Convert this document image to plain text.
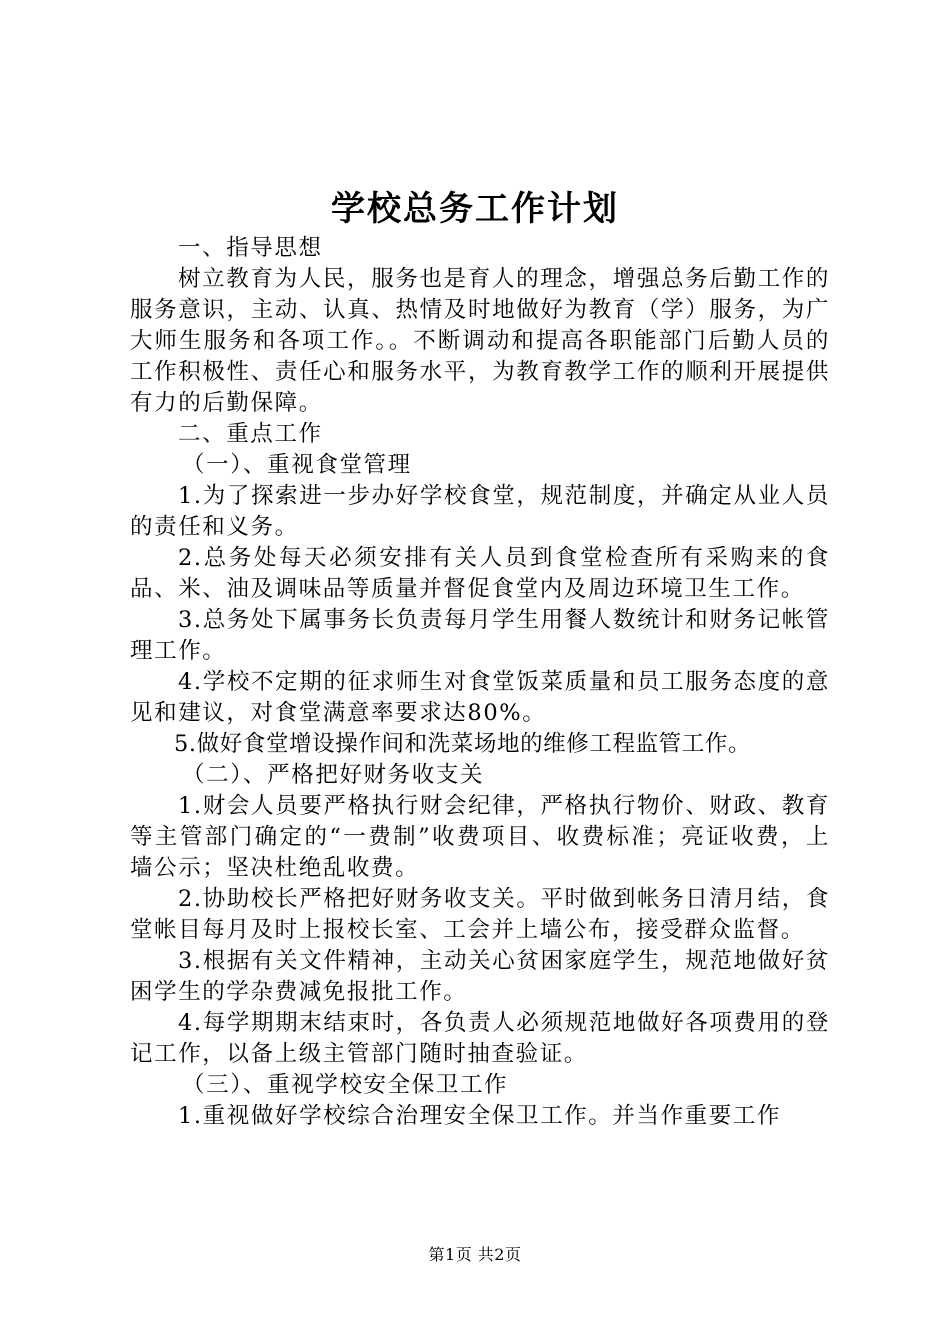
学校总务工作计划

一、指导思想

树立教育为人民，服务也是育人的理念，增强总务后勤工作的服务意识，主动、认真、热情及时地做好为教育（学）服务，为广大师生服务和各项工作。。不断调动和提高各职能部门后勤人员的工作积极性、责任心和服务水平，为教育教学工作的顺利开展提供有力的后勤保障。

二、重点工作

（一）、重视食堂管理

1.为了探索进一步办好学校食堂，规范制度，并确定从业人员的责任和义务。

2.总务处每天必须安排有关人员到食堂检查所有采购来的食品、米、油及调味品等质量并督促食堂内及周边环境卫生工作。

3.总务处下属事务长负责每月学生用餐人数统计和财务记帐管理工作。

4.学校不定期的征求师生对食堂饭菜质量和员工服务态度的意见和建议，对食堂满意率要求达80%。

5.做好食堂增设操作间和洗菜场地的维修工程监管工作。

（二）、严格把好财务收支关

1.财会人员要严格执行财会纪律，严格执行物价、财政、教育等主管部门确定的“一费制”收费项目、收费标准；亮证收费，上墙公示；坚决杜绝乱收费。

2.协助校长严格把好财务收支关。平时做到帐务日清月结，食堂帐目每月及时上报校长室、工会并上墙公布，接受群众监督。

3.根据有关文件精神，主动关心贫困家庭学生，规范地做好贫困学生的学杂费减免报批工作。

4.每学期期末结束时，各负责人必须规范地做好各项费用的登记工作，以备上级主管部门随时抽查验证。

（三）、重视学校安全保卫工作

1.重视做好学校综合治理安全保卫工作。并当作重要工作

第1页 共2页
